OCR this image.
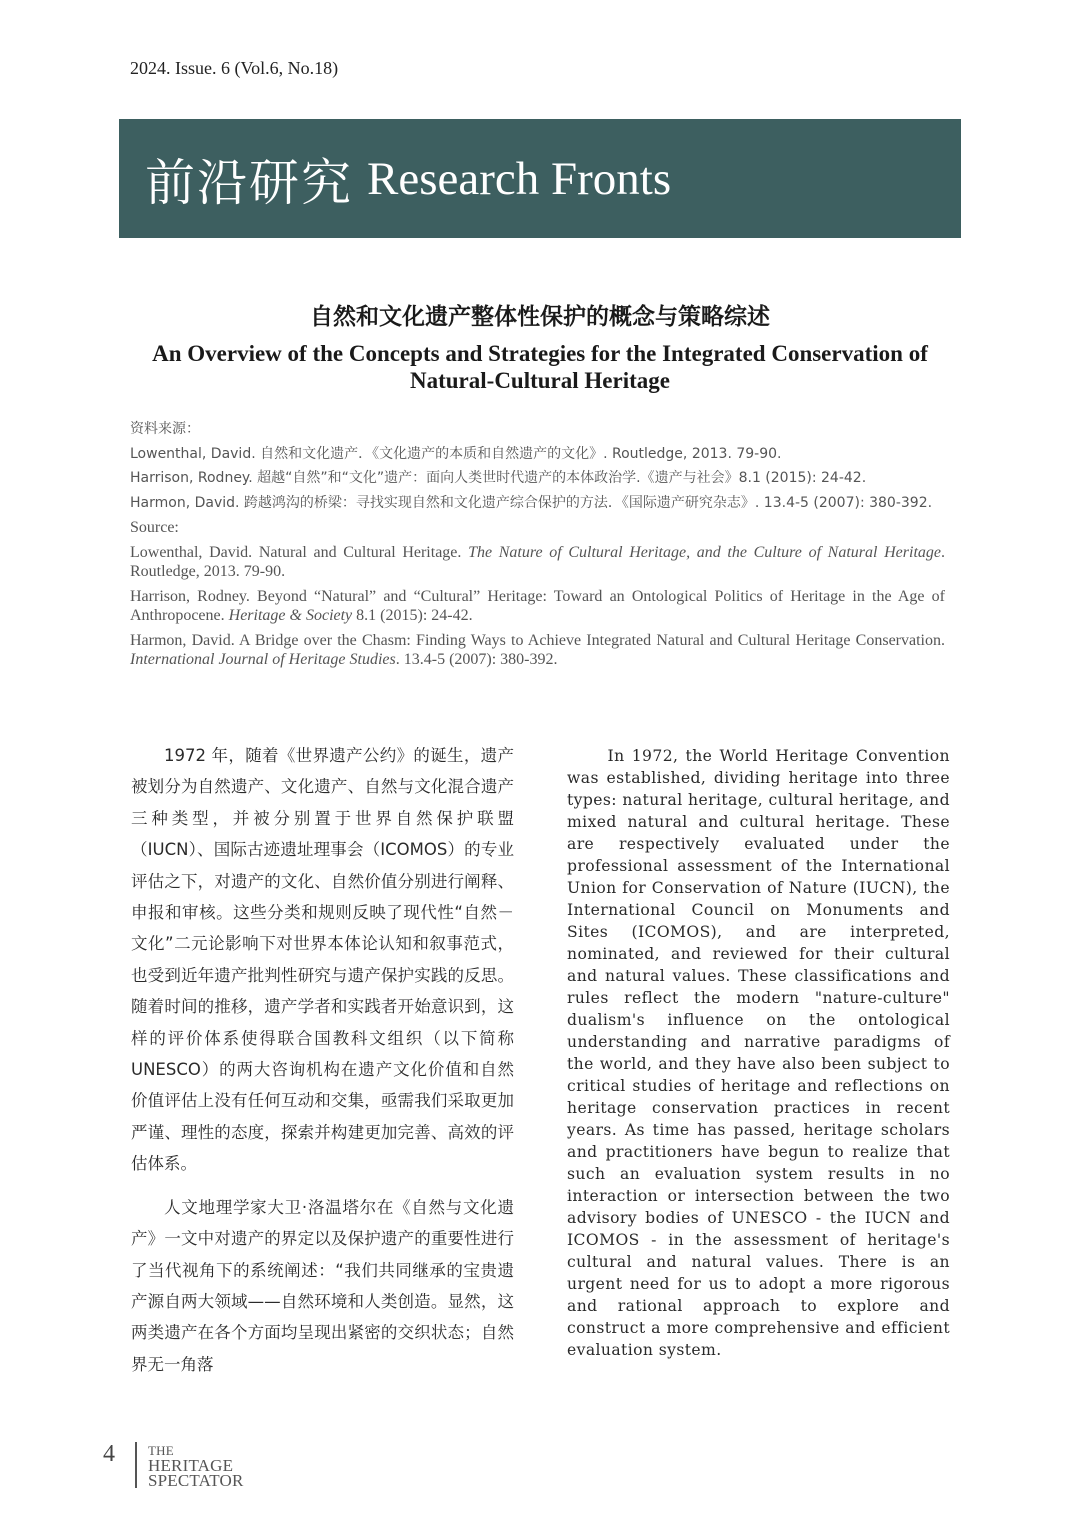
2024. Issue. 6 (Vol.6, No.18)
前沿研究 Research Fronts
自然和文化遗产整体性保护的概念与策略综述
An Overview of the Concepts and Strategies for the Integrated Conservation of Natural-Cultural Heritage

资料来源：

Lowenthal, David. 自然和文化遗产．《文化遗产的本质和自然遗产的文化》. Routledge, 2013. 79-90.

Harrison, Rodney. 超越“自然”和“文化”遗产：面向人类世时代遗产的本体政治学.《遗产与社会》8.1 (2015): 24-42.

Harmon, David. 跨越鸿沟的桥梁：寻找实现自然和文化遗产综合保护的方法．《国际遗产研究杂志》. 13.4-5 (2007): 380-392.

Source:

Lowenthal, David. Natural and Cultural Heritage. The Nature of Cultural Heritage, and the Culture of Natural Heritage. Routledge, 2013. 79-90.

Harrison, Rodney. Beyond “Natural” and “Cultural” Heritage: Toward an Ontological Politics of Heritage in the Age of Anthropocene. Heritage & Society 8.1 (2015): 24-42.

Harmon, David. A Bridge over the Chasm: Finding Ways to Achieve Integrated Natural and Cultural Heritage Conservation. International Journal of Heritage Studies. 13.4-5 (2007): 380-392.

1972 年，随着《世界遗产公约》的诞生，遗产被划分为自然遗产、文化遗产、自然与文化混合遗产三种类型，并被分别置于世界自然保护联盟（IUCN）、国际古迹遗址理事会（ICOMOS）的专业评估之下，对遗产的文化、自然价值分别进行阐释、申报和审核。这些分类和规则反映了现代性“自然－文化”二元论影响下对世界本体论认知和叙事范式，也受到近年遗产批判性研究与遗产保护实践的反思。随着时间的推移，遗产学者和实践者开始意识到，这样的评价体系使得联合国教科文组织（以下简称 UNESCO）的两大咨询机构在遗产文化价值和自然价值评估上没有任何互动和交集，亟需我们采取更加严谨、理性的态度，探索并构建更加完善、高效的评估体系。

人文地理学家大卫·洛温塔尔在《自然与文化遗产》一文中对遗产的界定以及保护遗产的重要性进行了当代视角下的系统阐述：“我们共同继承的宝贵遗产源自两大领域——自然环境和人类创造。显然，这两类遗产在各个方面均呈现出紧密的交织状态；自然界无一角落

In 1972, the World Heritage Convention was established, dividing heritage into three types: natural heritage, cultural heritage, and mixed natural and cultural heritage. These are respectively evaluated under the professional assessment of the International Union for Conservation of Nature (IUCN), the International Council on Monuments and Sites (ICOMOS), and are interpreted, nominated, and reviewed for their cultural and natural values. These classifications and rules reflect the modern "nature-culture" dualism's influence on the ontological understanding and narrative paradigms of the world, and they have also been subject to critical studies of heritage and reflections on heritage conservation practices in recent years. As time has passed, heritage scholars and practitioners have begun to realize that such an evaluation system results in no interaction or intersection between the two advisory bodies of UNESCO - the IUCN and ICOMOS - in the assessment of heritage's cultural and natural values. There is an urgent need for us to adopt a more rigorous and rational approach to explore and construct a more comprehensive and efficient evaluation system.

4	THE
HERITAGE
SPECTATOR
